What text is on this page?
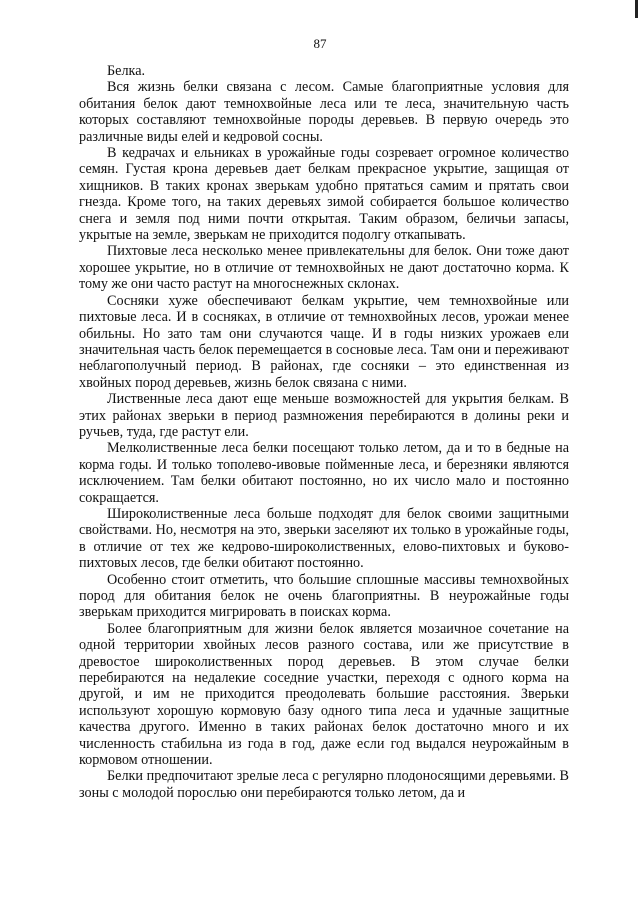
87

Белка.

Вся жизнь белки связана с лесом. Самые благоприятные условия для обитания белок дают темнохвойные леса или те леса, значительную часть которых составляют темнохвойные породы деревьев. В первую очередь это различные виды елей и кедровой сосны.

В кедрачах и ельниках в урожайные годы созревает огромное количество семян. Густая крона деревьев дает белкам прекрасное укрытие, защищая от хищников. В таких кронах зверькам удобно прятаться самим и прятать свои гнезда. Кроме того, на таких деревьях зимой собирается большое количество снега и земля под ними почти открытая. Таким образом, беличьи запасы, укрытые на земле, зверькам не приходится подолгу откапывать.

Пихтовые леса несколько менее привлекательны для белок. Они тоже дают хорошее укрытие, но в отличие от темнохвойных не дают достаточно корма. К тому же они часто растут на многоснежных склонах.

Сосняки хуже обеспечивают белкам укрытие, чем темнохвойные или пихтовые леса. И в сосняках, в отличие от темнохвойных лесов, урожаи менее обильны. Но зато там они случаются чаще. И в годы низких урожаев ели значительная часть белок перемещается в сосновые леса. Там они и переживают неблагополучный период. В районах, где сосняки – это единственная из хвойных пород деревьев, жизнь белок связана с ними.

Лиственные леса дают еще меньше возможностей для укрытия белкам. В этих районах зверьки в период размножения перебираются в долины реки и ручьев, туда, где растут ели.

Мелколиственные леса белки посещают только летом, да и то в бедные на корма годы. И только тополево-ивовые пойменные леса, и березняки являются исключением. Там белки обитают постоянно, но их число мало и постоянно сокращается.

Широколиственные леса больше подходят для белок своими защитными свойствами. Но, несмотря на это, зверьки заселяют их только в урожайные годы, в отличие от тех же кедрово-широколиственных, елово-пихтовых и буково-пихтовых лесов, где белки обитают постоянно.

Особенно стоит отметить, что большие сплошные массивы темнохвойных пород для обитания белок не очень благоприятны. В неурожайные годы зверькам приходится мигрировать в поисках корма.

Более благоприятным для жизни белок является мозаичное сочетание на одной территории хвойных лесов разного состава, или же присутствие в древостое широколиственных пород деревьев. В этом случае белки перебираются на недалекие соседние участки, переходя с одного корма на другой, и им не приходится преодолевать большие расстояния. Зверьки используют хорошую кормовую базу одного типа леса и удачные защитные качества другого. Именно в таких районах белок достаточно много и их численность стабильна из года в год, даже если год выдался неурожайным в кормовом отношении.

Белки предпочитают зрелые леса с регулярно плодоносящими деревьями. В зоны с молодой порослью они перебираются только летом, да и
